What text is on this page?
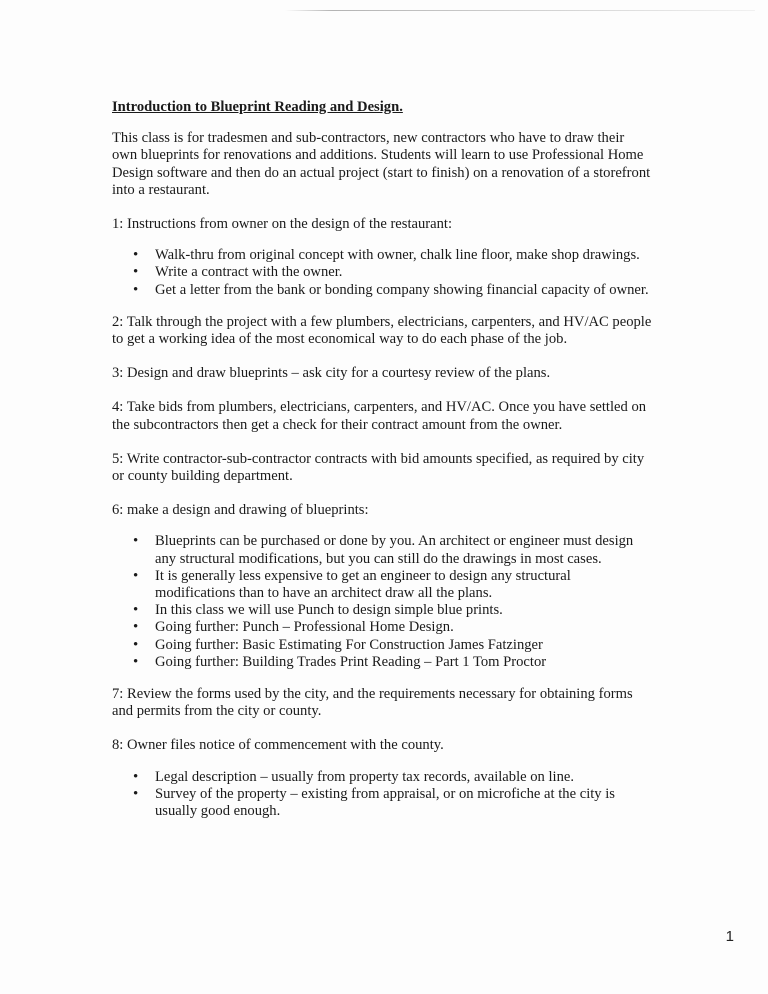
Introduction to Blueprint Reading and Design.

This class is for tradesmen and sub-contractors, new contractors who have to draw their own blueprints for renovations and additions. Students will learn to use Professional Home Design software and then do an actual project (start to finish) on a renovation of a storefront into a restaurant.

1: Instructions from owner on the design of the restaurant:

• Walk-thru from original concept with owner, chalk line floor, make shop drawings.
• Write a contract with the owner.
• Get a letter from the bank or bonding company showing financial capacity of owner.

2: Talk through the project with a few plumbers, electricians, carpenters, and HV/AC people to get a working idea of the most economical way to do each phase of the job.

3: Design and draw blueprints – ask city for a courtesy review of the plans.

4: Take bids from plumbers, electricians, carpenters, and HV/AC. Once you have settled on the subcontractors then get a check for their contract amount from the owner.

5: Write contractor-sub-contractor contracts with bid amounts specified, as required by city or county building department.

6: make a design and drawing of blueprints:

• Blueprints can be purchased or done by you. An architect or engineer must design any structural modifications, but you can still do the drawings in most cases.
• It is generally less expensive to get an engineer to design any structural modifications than to have an architect draw all the plans.
• In this class we will use Punch to design simple blue prints.
• Going further: Punch – Professional Home Design.
• Going further: Basic Estimating For Construction James Fatzinger
• Going further: Building Trades Print Reading – Part 1 Tom Proctor

7: Review the forms used by the city, and the requirements necessary for obtaining forms and permits from the city or county.

8: Owner files notice of commencement with the county.

• Legal description – usually from property tax records, available on line.
• Survey of the property – existing from appraisal, or on microfiche at the city is usually good enough.
1
